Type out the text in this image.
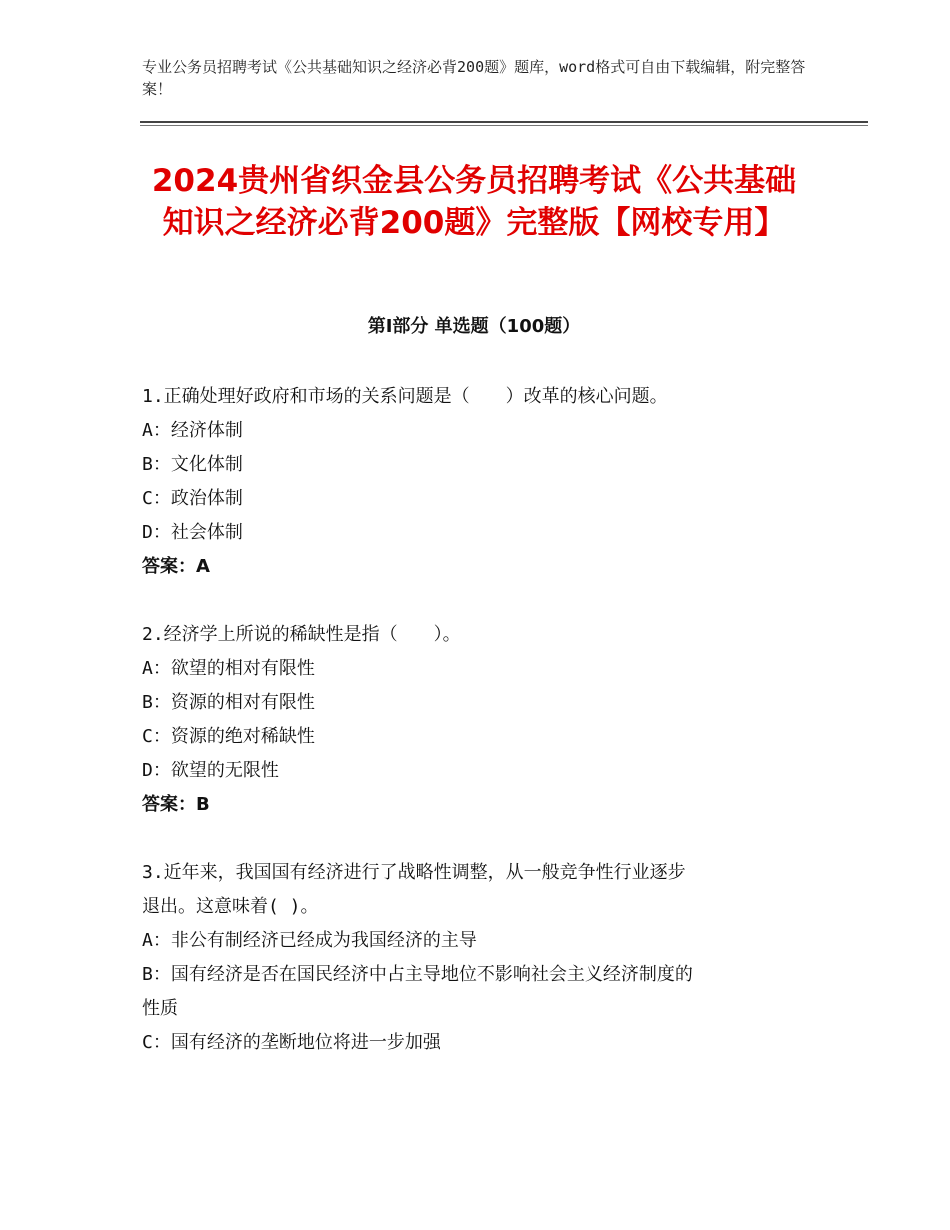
专业公务员招聘考试《公共基础知识之经济必背200题》题库，word格式可自由下载编辑，附完整答案！
2024贵州省织金县公务员招聘考试《公共基础知识之经济必背200题》完整版【网校专用】
第I部分 单选题（100题）
1.正确处理好政府和市场的关系问题是（　　）改革的核心问题。
A：经济体制
B：文化体制
C：政治体制
D：社会体制
答案：A
2.经济学上所说的稀缺性是指（　　）。
A：欲望的相对有限性
B：资源的相对有限性
C：资源的绝对稀缺性
D：欲望的无限性
答案：B
3.近年来，我国国有经济进行了战略性调整，从一般竞争性行业逐步
退出。这意味着( )。
A：非公有制经济已经成为我国经济的主导
B：国有经济是否在国民经济中占主导地位不影响社会主义经济制度的
性质
C：国有经济的垄断地位将进一步加强
